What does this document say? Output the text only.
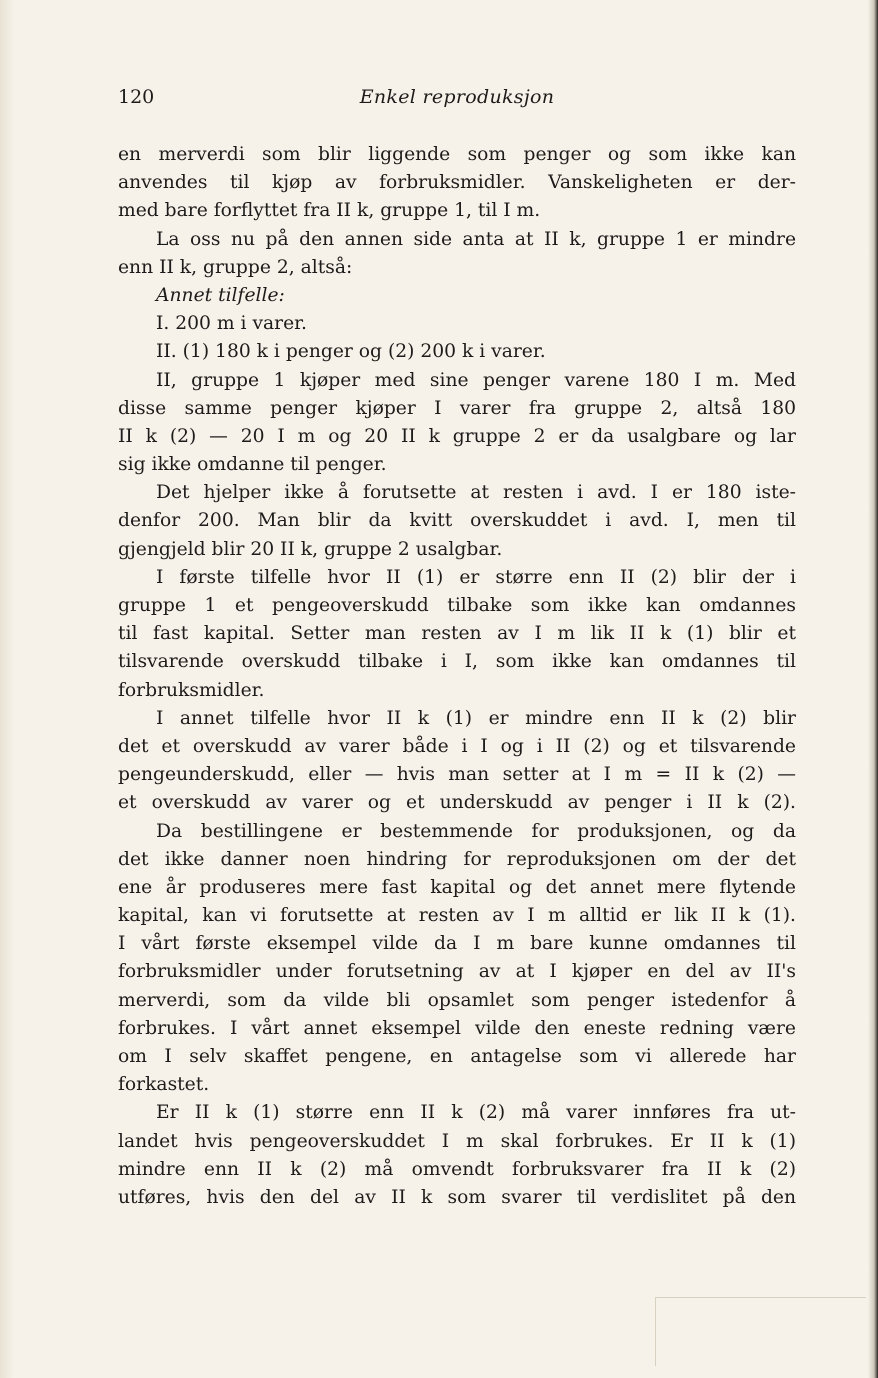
120	Enkel reproduksjon
en merverdi som blir liggende som penger og som ikke kan
anvendes til kjøp av forbruksmidler. Vanskeligheten er der-
med bare forflyttet fra II k, gruppe 1, til I m.
La oss nu på den annen side anta at II k, gruppe 1 er mindre
enn II k, gruppe 2, altså:
Annet tilfelle:
I. 200 m i varer.
II. (1) 180 k i penger og (2) 200 k i varer.
II, gruppe 1 kjøper med sine penger varene 180 I m. Med
disse samme penger kjøper I varer fra gruppe 2, altså 180
II k (2) — 20 I m og 20 II k gruppe 2 er da usalgbare og lar
sig ikke omdanne til penger.
Det hjelper ikke å forutsette at resten i avd. I er 180 iste-
denfor 200. Man blir da kvitt overskuddet i avd. I, men til
gjengjeld blir 20 II k, gruppe 2 usalgbar.
I første tilfelle hvor II (1) er større enn II (2) blir der i
gruppe 1 et pengeoverskudd tilbake som ikke kan omdannes
til fast kapital. Setter man resten av I m lik II k (1) blir et
tilsvarende overskudd tilbake i I, som ikke kan omdannes til
forbruksmidler.
I annet tilfelle hvor II k (1) er mindre enn II k (2) blir
det et overskudd av varer både i I og i II (2) og et tilsvarende
pengeunderskudd, eller — hvis man setter at I m = II k (2) —
et overskudd av varer og et underskudd av penger i II k (2).
Da bestillingene er bestemmende for produksjonen, og da
det ikke danner noen hindring for reproduksjonen om der det
ene år produseres mere fast kapital og det annet mere flytende
kapital, kan vi forutsette at resten av I m alltid er lik II k (1).
I vårt første eksempel vilde da I m bare kunne omdannes til
forbruksmidler under forutsetning av at I kjøper en del av II's
merverdi, som da vilde bli opsamlet som penger istedenfor å
forbrukes. I vårt annet eksempel vilde den eneste redning være
om I selv skaffet pengene, en antagelse som vi allerede har
forkastet.
Er II k (1) større enn II k (2) må varer innføres fra ut-
landet hvis pengeoverskuddet I m skal forbrukes. Er II k (1)
mindre enn II k (2) må omvendt forbruksvarer fra II k (2)
utføres, hvis den del av II k som svarer til verdislitet på den
